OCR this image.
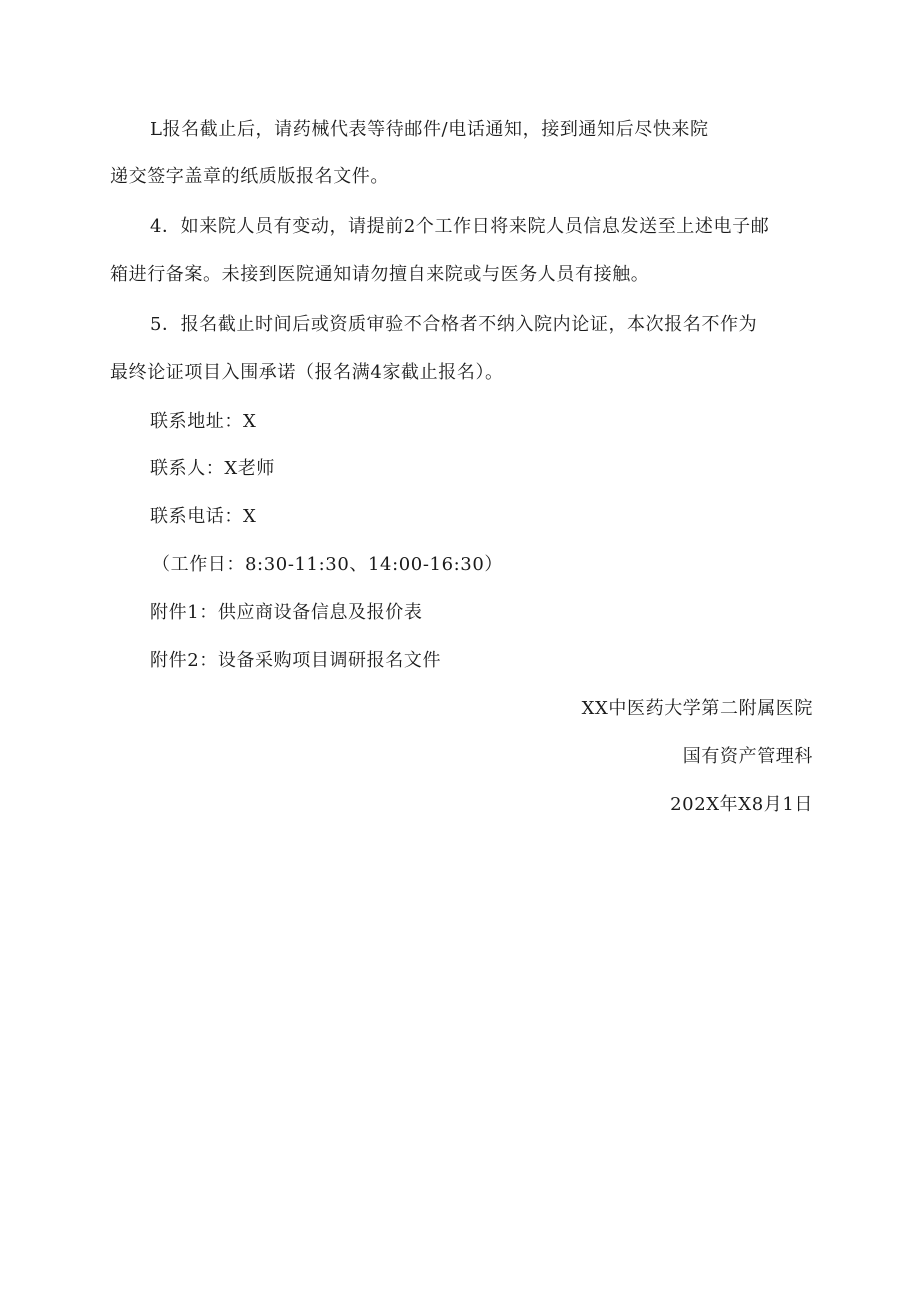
L报名截止后，请药械代表等待邮件/电话通知，接到通知后尽快来院
递交签字盖章的纸质版报名文件。
4．如来院人员有变动，请提前2个工作日将来院人员信息发送至上述电子邮
箱进行备案。未接到医院通知请勿擅自来院或与医务人员有接触。
5．报名截止时间后或资质审验不合格者不纳入院内论证，本次报名不作为
最终论证项目入围承诺（报名满4家截止报名）。
联系地址：X
联系人：X老师
联系电话：X
（工作日：8:30-11:30、14:00-16:30）
附件1：供应商设备信息及报价表
附件2：设备采购项目调研报名文件
XX中医药大学第二附属医院
国有资产管理科
202X年X8月1日
